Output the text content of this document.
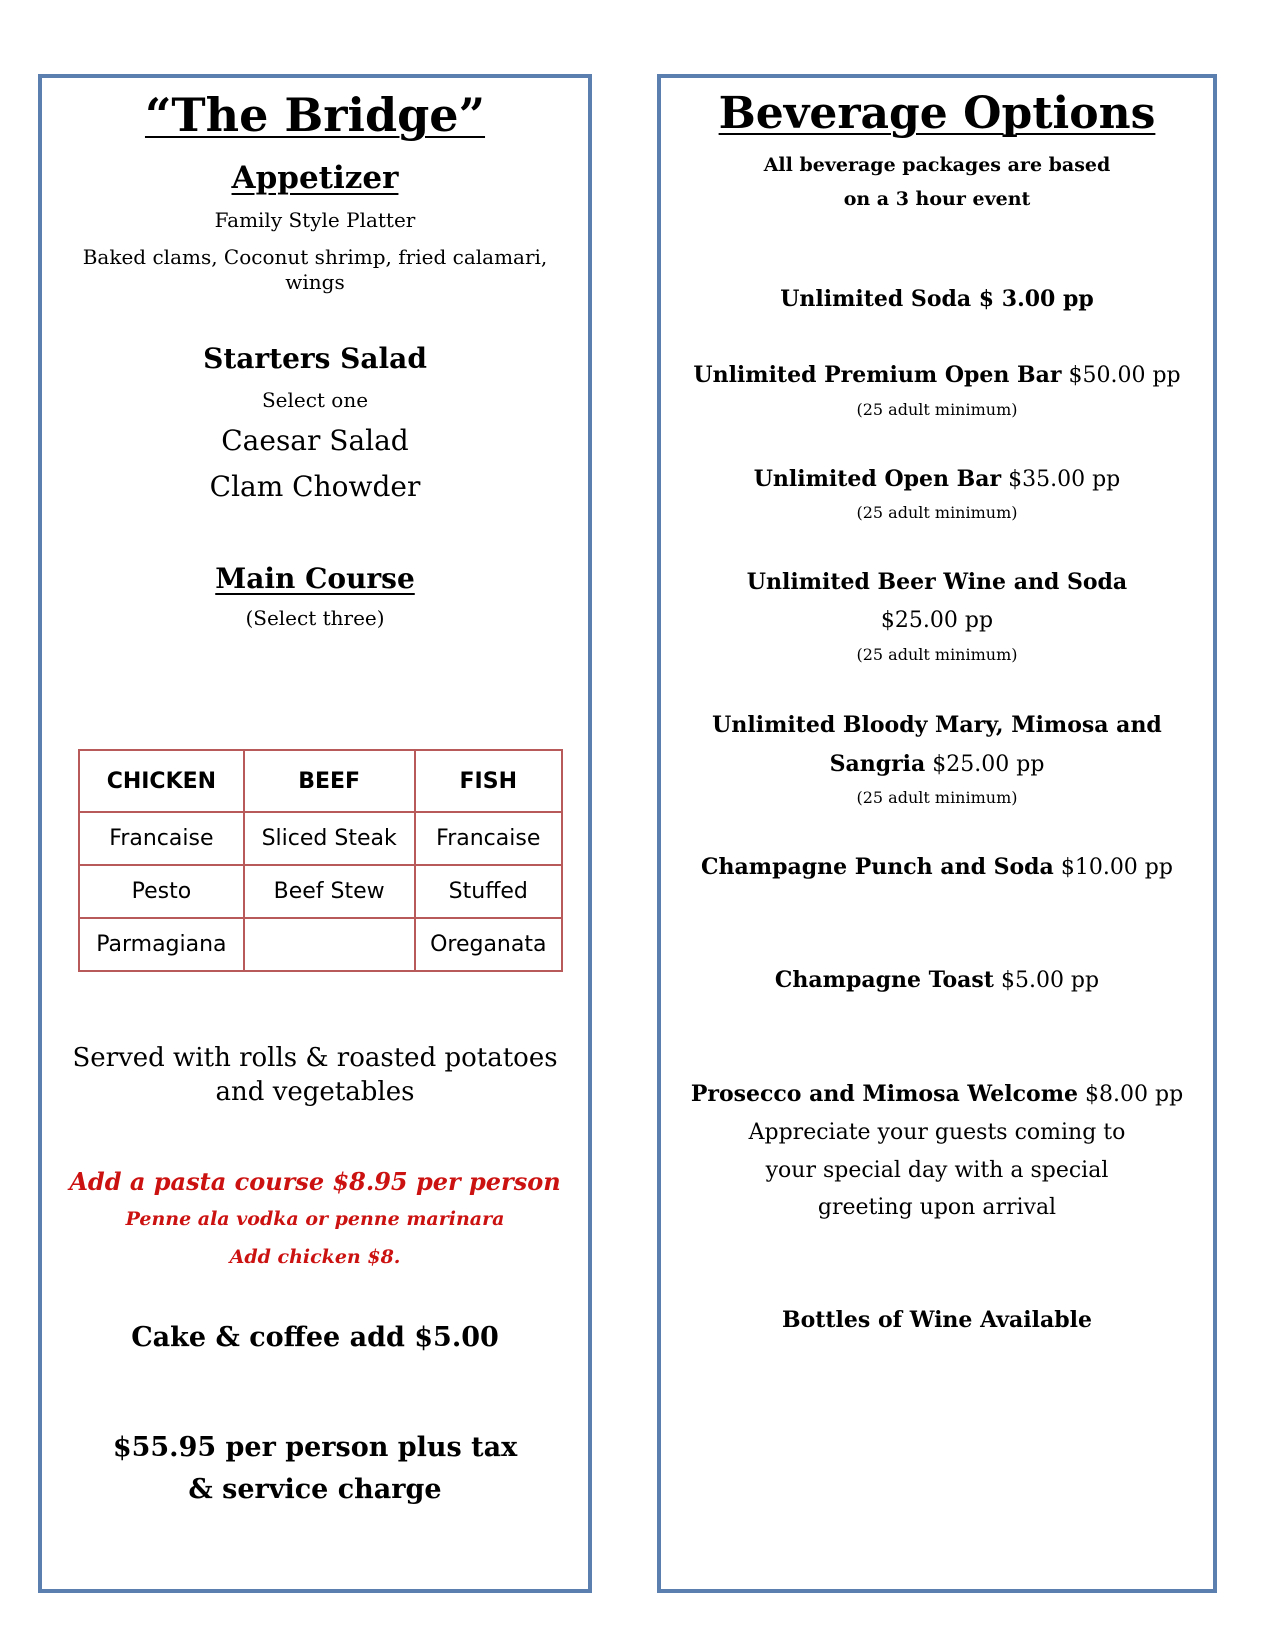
“The Bridge”
Appetizer
Family Style Platter
Baked clams, Coconut shrimp, fried calamari,
wings
Starters Salad
Select one
Caesar Salad
Clam Chowder
Main Course
(Select three)
CHICKEN	BEEF	FISH
Francaise	Sliced Steak	Francaise
Pesto	Beef Stew	Stuffed
Parmagiana		Oreganata
Served with rolls & roasted potatoes
and vegetables
Add a pasta course $8.95 per person
Penne ala vodka or penne marinara
Add chicken $8.
Cake & coffee add $5.00
$55.95 per person plus tax
& service charge
Beverage Options
All beverage packages are based
on a 3 hour event
Unlimited Soda $ 3.00 pp
Unlimited Premium Open Bar $50.00 pp
(25 adult minimum)
Unlimited Open Bar $35.00 pp
(25 adult minimum)
Unlimited Beer Wine and Soda
$25.00 pp
(25 adult minimum)
Unlimited Bloody Mary, Mimosa and
Sangria $25.00 pp
(25 adult minimum)
Champagne Punch and Soda $10.00 pp
Champagne Toast $5.00 pp
Prosecco and Mimosa Welcome $8.00 pp
Appreciate your guests coming to
your special day with a special
greeting upon arrival
Bottles of Wine Available
